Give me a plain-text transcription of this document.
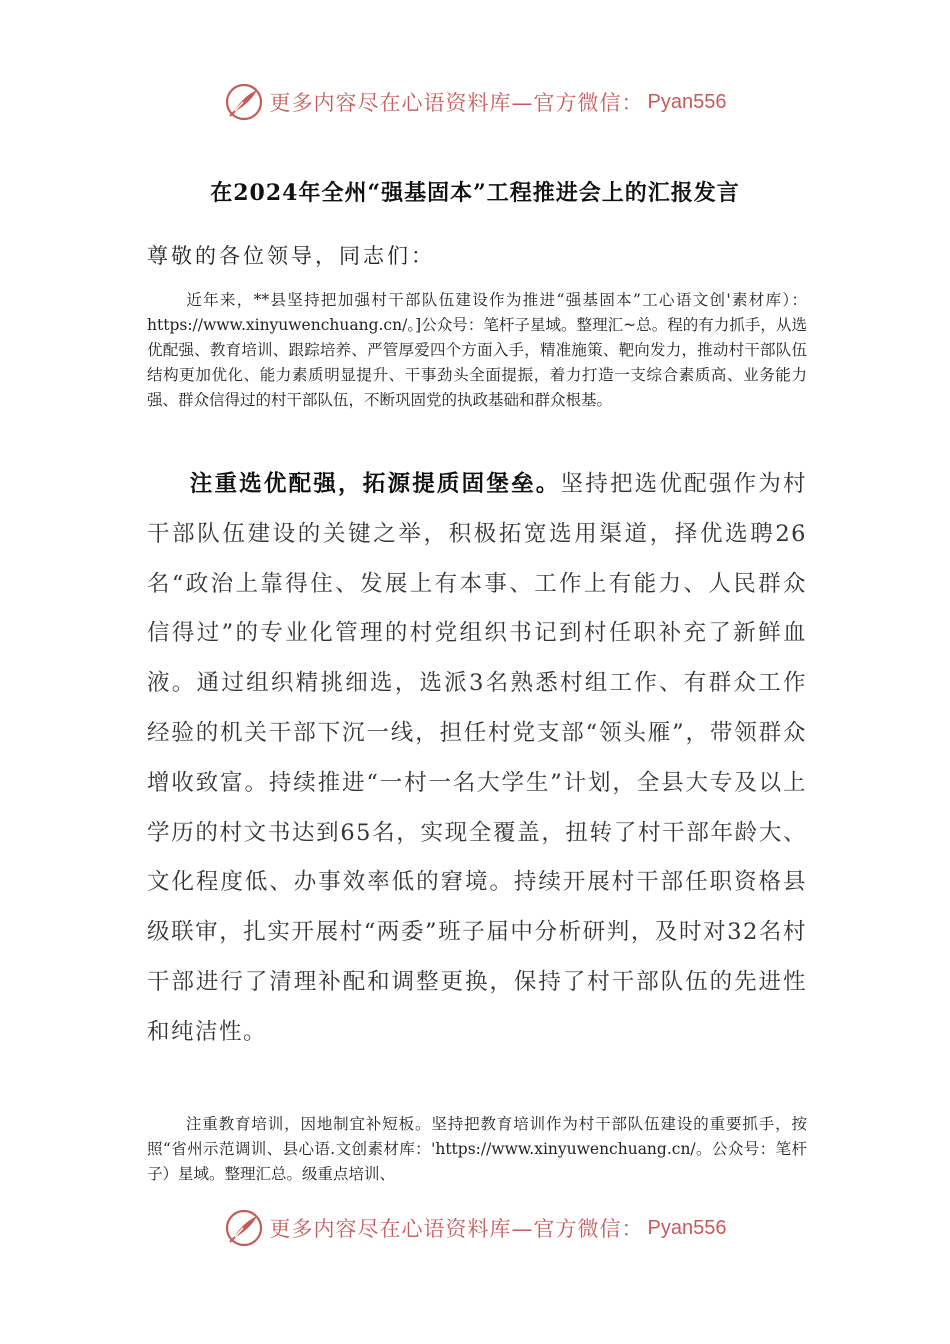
更多内容尽在心语资料库—官方微信： Pyan556
在2024年全州“强基固本”工程推进会上的汇报发言
尊敬的各位领导，同志们：
近年来，**县坚持把加强村干部队伍建设作为推进“强基固本”工心语文创'素材库）：https://www.xinyuwenchuang.cn/。]公众号：笔杆子星域。整理汇~总。程的有力抓手，从选优配强、教育培训、跟踪培养、严管厚爱四个方面入手，精准施策、靶向发力，推动村干部队伍结构更加优化、能力素质明显提升、干事劲头全面提振，着力打造一支综合素质高、业务能力强、群众信得过的村干部队伍，不断巩固党的执政基础和群众根基。
注重选优配强，拓源提质固堡垒。坚持把选优配强作为村干部队伍建设的关键之举，积极拓宽选用渠道，择优选聘26名“政治上靠得住、发展上有本事、工作上有能力、人民群众信得过”的专业化管理的村党组织书记到村任职补充了新鲜血液。通过组织精挑细选，选派3名熟悉村组工作、有群众工作经验的机关干部下沉一线，担任村党支部“领头雁”，带领群众增收致富。持续推进“一村一名大学生”计划，全县大专及以上学历的村文书达到65名，实现全覆盖，扭转了村干部年龄大、文化程度低、办事效率低的窘境。持续开展村干部任职资格县级联审，扎实开展村“两委”班子届中分析研判，及时对32名村干部进行了清理补配和调整更换，保持了村干部队伍的先进性和纯洁性。
注重教育培训，因地制宜补短板。坚持把教育培训作为村干部队伍建设的重要抓手，按照“省州示范调训、县心语.文创素材库：'https://www.xinyuwenchuang.cn/。公众号：笔杆子）星域。整理汇总。级重点培训、
更多内容尽在心语资料库—官方微信： Pyan556
